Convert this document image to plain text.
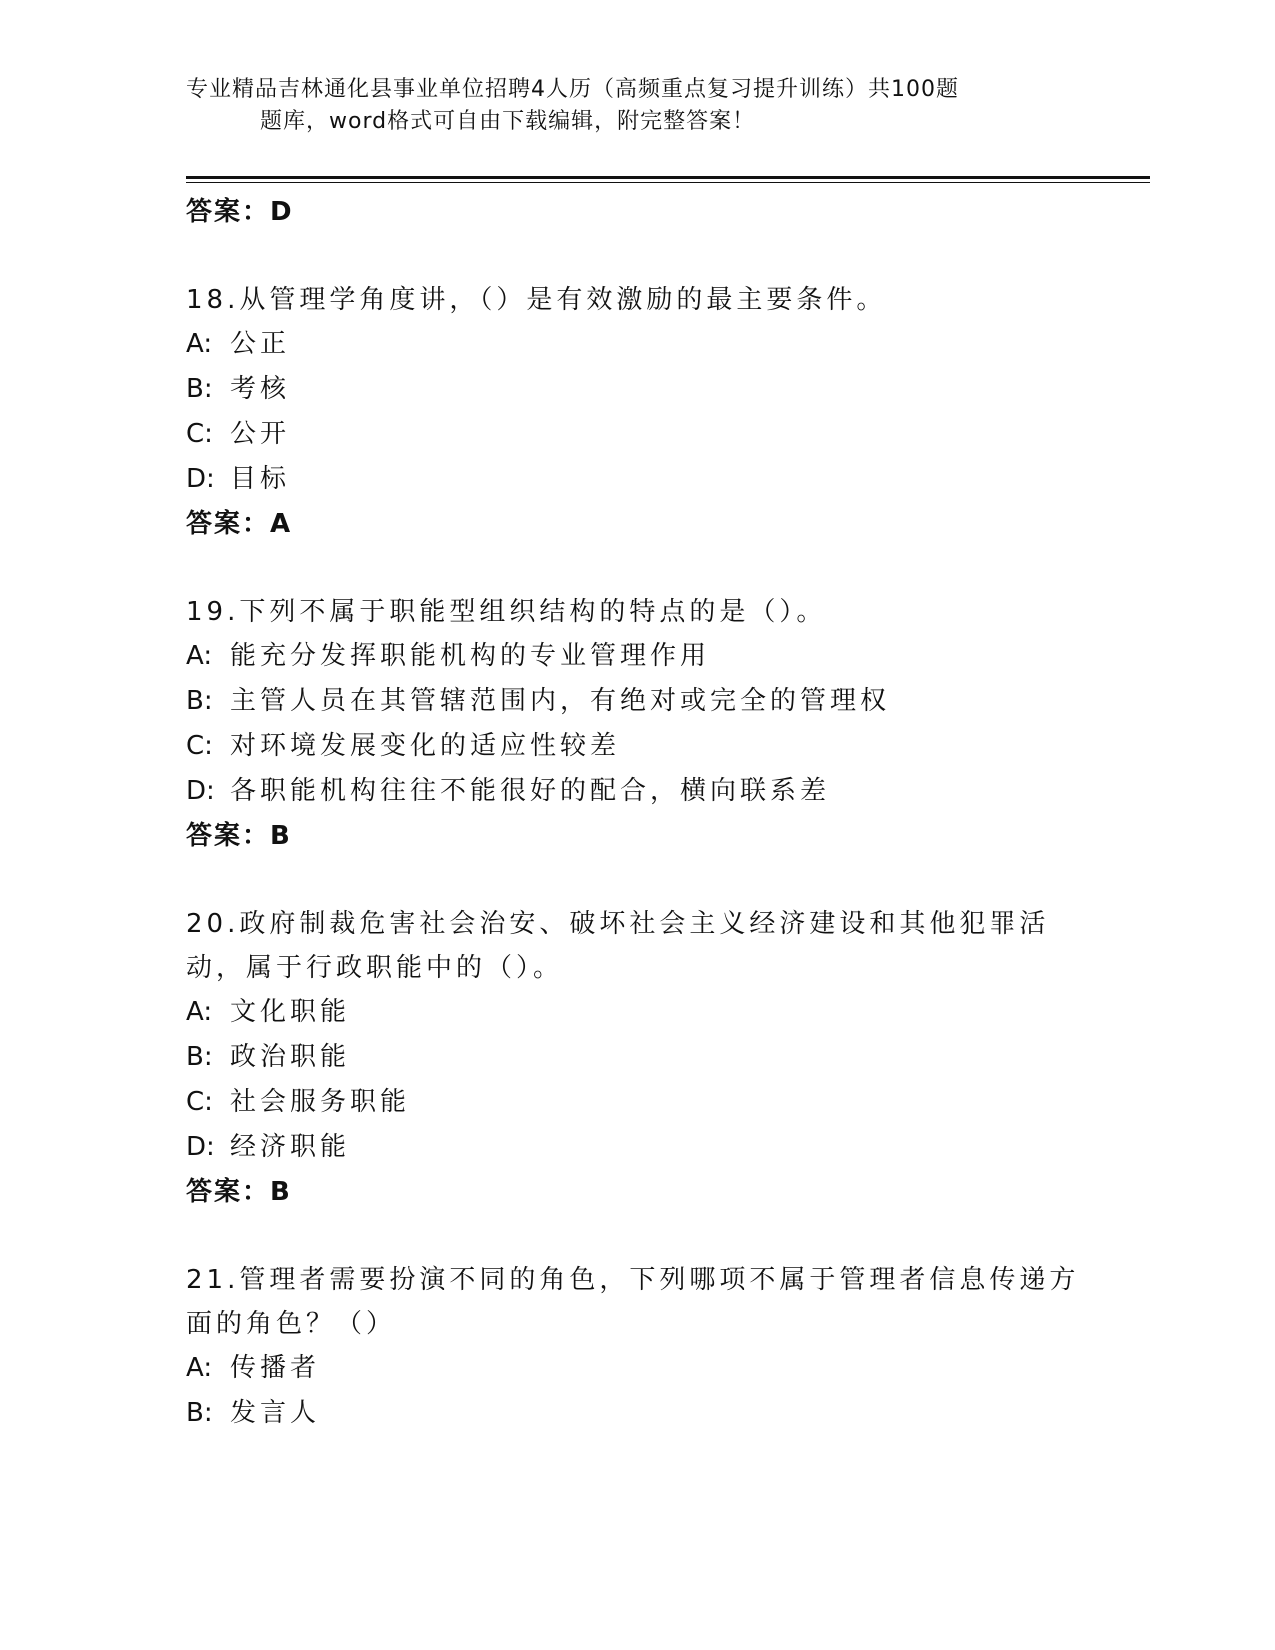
专业精品吉林通化县事业单位招聘4人历（高频重点复习提升训练）共100题
题库，word格式可自由下载编辑，附完整答案！

答案：D

18.从管理学角度讲，（）是有效激励的最主要条件。

A: 公正

B: 考核

C: 公开

D: 目标

答案：A

19.下列不属于职能型组织结构的特点的是（）。

A: 能充分发挥职能机构的专业管理作用

B: 主管人员在其管辖范围内，有绝对或完全的管理权

C: 对环境发展变化的适应性较差

D: 各职能机构往往不能很好的配合，横向联系差

答案：B

20.政府制裁危害社会治安、破坏社会主义经济建设和其他犯罪活动，属于行政职能中的（）。

A: 文化职能

B: 政治职能

C: 社会服务职能

D: 经济职能

答案：B

21.管理者需要扮演不同的角色，下列哪项不属于管理者信息传递方面的角色？（）

A: 传播者

B: 发言人
